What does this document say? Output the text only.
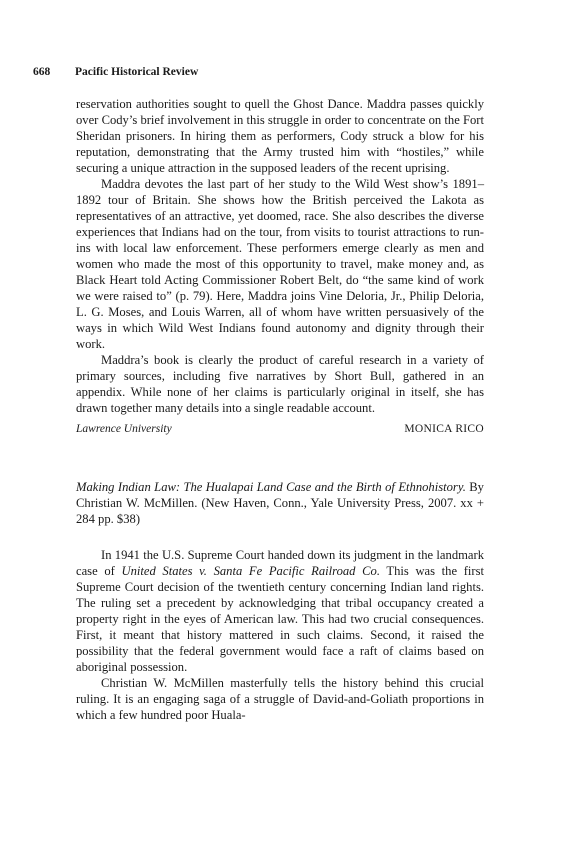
668 Pacific Historical Review

reservation authorities sought to quell the Ghost Dance. Maddra passes quickly over Cody’s brief involvement in this struggle in order to concentrate on the Fort Sheridan prisoners. In hiring them as performers, Cody struck a blow for his reputation, demonstrating that the Army trusted him with “hostiles,” while securing a unique attraction in the supposed leaders of the recent uprising.

Maddra devotes the last part of her study to the Wild West show’s 1891–1892 tour of Britain. She shows how the British perceived the Lakota as representatives of an attractive, yet doomed, race. She also describes the diverse experiences that Indians had on the tour, from visits to tourist attractions to run-ins with local law enforcement. These performers emerge clearly as men and women who made the most of this opportunity to travel, make money and, as Black Heart told Acting Commissioner Robert Belt, do “the same kind of work we were raised to” (p. 79). Here, Maddra joins Vine Deloria, Jr., Philip Deloria, L. G. Moses, and Louis Warren, all of whom have written persuasively of the ways in which Wild West Indians found autonomy and dignity through their work.

Maddra’s book is clearly the product of careful research in a variety of primary sources, including five narratives by Short Bull, gathered in an appendix. While none of her claims is particularly original in itself, she has drawn together many details into a single readable account.

Lawrence University	MONICA RICO

Making Indian Law: The Hualapai Land Case and the Birth of Ethnohistory. By Christian W. McMillen. (New Haven, Conn., Yale University Press, 2007. xx + 284 pp. $38)

In 1941 the U.S. Supreme Court handed down its judgment in the landmark case of United States v. Santa Fe Pacific Railroad Co. This was the first Supreme Court decision of the twentieth century concerning Indian land rights. The ruling set a precedent by acknowledging that tribal occupancy created a property right in the eyes of American law. This had two crucial consequences. First, it meant that history mattered in such claims. Second, it raised the possibility that the federal government would face a raft of claims based on aboriginal possession.

Christian W. McMillen masterfully tells the history behind this crucial ruling. It is an engaging saga of a struggle of David-and-Goliath proportions in which a few hundred poor Huala-
